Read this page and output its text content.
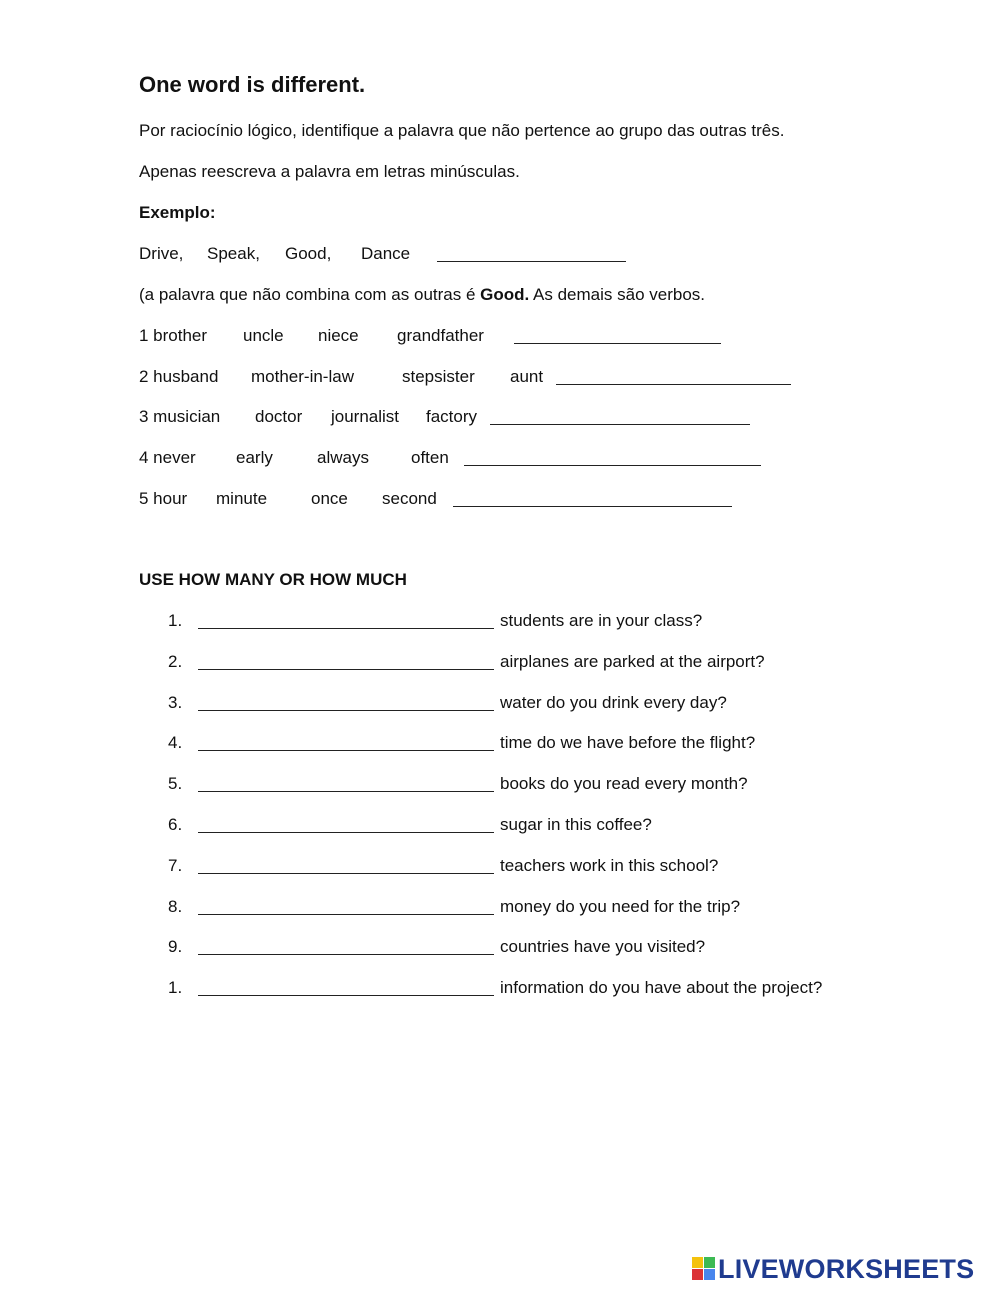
One word is different.
Por raciocínio lógico, identifique a palavra que não pertence ao grupo das outras três.
Apenas reescreva a palavra em letras minúsculas.
Exemplo:
Drive, Speak, Good, Dance
(a palavra que não combina com as outras é Good. As demais são verbos.
1 brother uncle niece grandfather
2 husband mother-in-law	stepsister aunt
3 musician doctor journalist factory
4 never early	always often
5 hour minute	once second
USE HOW MANY OR HOW MUCH
1.	students are in your class?
2.	airplanes are parked at the airport?
3.	water do you drink every day?
4.	time do we have before the flight?
5.	books do you read every month?
6.	sugar in this coffee?
7.	teachers work in this school?
8.	money do you need for the trip?
9.	countries have you visited?
1.	information do you have about the project?
LIVEWORKSHEETS
